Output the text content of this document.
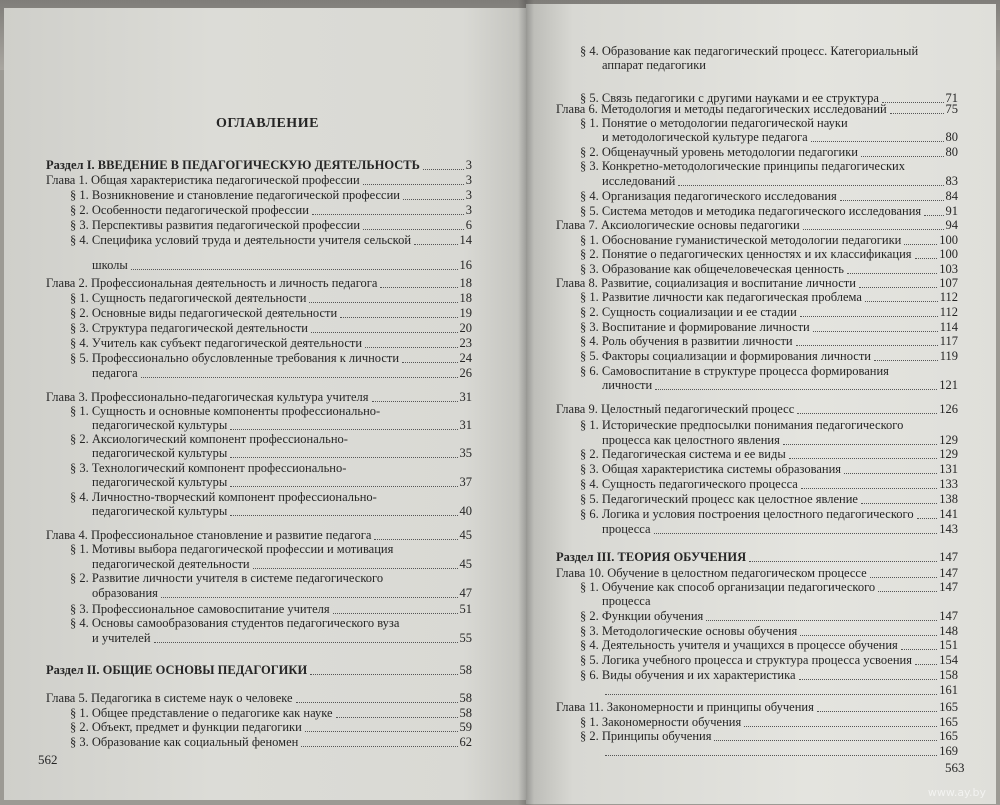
ОГЛАВЛЕНИЕ
Раздел I. ВВЕДЕНИЕ В ПЕДАГОГИЧЕСКУЮ ДЕЯТЕЛЬНОСТЬ	3
Глава 1. Общая характеристика педагогической профессии	3
§ 1. Возникновение и становление педагогической профессии	3
§ 2. Особенности педагогической профессии	3
§ 3. Перспективы развития педагогической профессии	6
§ 4. Специфика условий труда и деятельности учителя сельской	14
школы	16
Глава 2. Профессиональная деятельность и личность педагога	18
§ 1. Сущность педагогической деятельности	18
§ 2. Основные виды педагогической деятельности	19
§ 3. Структура педагогической деятельности	20
§ 4. Учитель как субъект педагогической деятельности	23
§ 5. Профессионально обусловленные требования к личности	24
педагога	26
Глава 3. Профессионально-педагогическая культура учителя	31
§ 1. Сущность и основные компоненты профессионально-
педагогической культуры	31
§ 2. Аксиологический компонент профессионально-
педагогической культуры	35
§ 3. Технологический компонент профессионально-
педагогической культуры	37
§ 4. Личностно-творческий компонент профессионально-
педагогической культуры	40
Глава 4. Профессиональное становление и развитие педагога	45
§ 1. Мотивы выбора педагогической профессии и мотивация
педагогической деятельности	45
§ 2. Развитие личности учителя в системе педагогического
образования	47
§ 3. Профессиональное самовоспитание учителя	51
§ 4. Основы самообразования студентов педагогического вуза
и учителей	55
Раздел II. ОБЩИЕ ОСНОВЫ ПЕДАГОГИКИ	58
Глава 5. Педагогика в системе наук о человеке	58
§ 1. Общее представление о педагогике как науке	58
§ 2. Объект, предмет и функции педагогики	59
§ 3. Образование как социальный феномен	62
562
§ 4. Образование как педагогический процесс. Категориальный
аппарат педагогики
§ 5. Связь педагогики с другими науками и ее структура	71
Глава 6. Методология и методы педагогических исследований	75
§ 1. Понятие о методологии педагогической науки
и методологической культуре педагога	80
§ 2. Общенаучный уровень методологии педагогики	80
§ 3. Конкретно-методологические принципы педагогических
исследований	83
§ 4. Организация педагогического исследования	84
§ 5. Система методов и методика педагогического исследования 91
Глава 7. Аксиологические основы педагогики	94
§ 1. Обоснование гуманистической методологии педагогики	100
§ 2. Понятие о педагогических ценностях и их классификация 100
§ 3. Образование как общечеловеческая ценность	103
Глава 8. Развитие, социализация и воспитание личности	107
§ 1. Развитие личности как педагогическая проблема	112
§ 2. Сущность социализации и ее стадии	112
§ 3. Воспитание и формирование личности	114
§ 4. Роль обучения в развитии личности	117
§ 5. Факторы социализации и формирования личности	119
§ 6. Самовоспитание в структуре процесса формирования
личности	121
Глава 9. Целостный педагогический процесс	126
§ 1. Исторические предпосылки понимания педагогического
процесса как целостного явления	129
§ 2. Педагогическая система и ее виды	129
§ 3. Общая характеристика системы образования	131
§ 4. Сущность педагогического процесса	133
§ 5. Педагогический процесс как целостное явление	138
§ 6. Логика и условия построения целостного педагогического 141
процесса	143
Раздел III. ТЕОРИЯ ОБУЧЕНИЯ	147
Глава 10. Обучение в целостном педагогическом процессе	147
§ 1. Обучение как способ организации педагогического	147
процесса
§ 2. Функции обучения	147
§ 3. Методологические основы обучения	148
§ 4. Деятельность учителя и учащихся в процессе обучения	151
§ 5. Логика учебного процесса и структура процесса усвоения 154
§ 6. Виды обучения и их характеристика	158
161
Глава 11. Закономерности и принципы обучения	165
§ 1. Закономерности обучения	165
§ 2. Принципы обучения	165
169
563
www.ay.by
